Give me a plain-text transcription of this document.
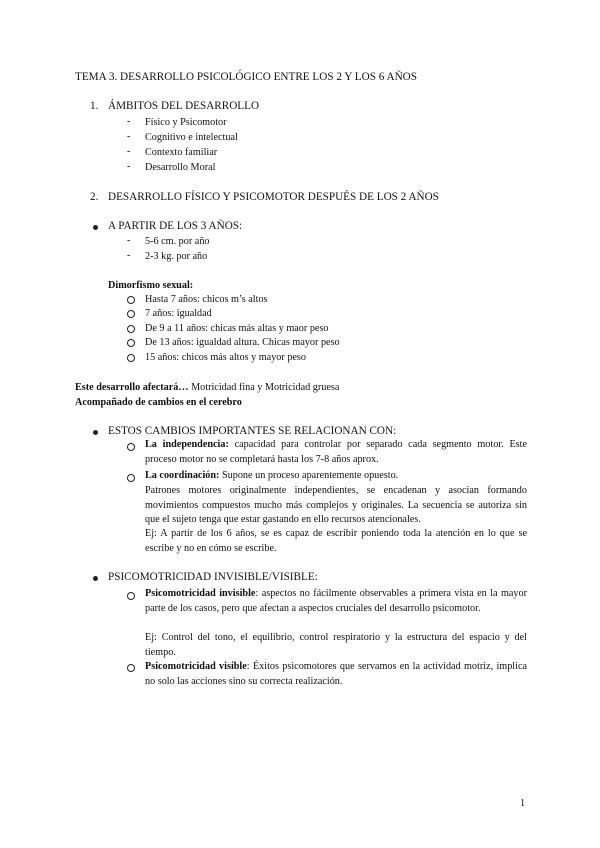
TEMA 3. DESARROLLO PSICOLÓGICO ENTRE LOS 2 Y LOS 6 AÑOS
1. ÁMBITOS DEL DESARROLLO
- Físico y Psicomotor
- Cognitivo e intelectual
- Contexto familiar
- Desarrollo Moral
2. DESARROLLO FÍSICO Y PSICOMOTOR DESPUÉS DE LOS 2 AÑOS
A PARTIR DE LOS 3 AÑOS:
- 5-6 cm. por año
- 2-3 kg. por año
Dimorfismo sexual:
Hasta 7 años: chicos m’s altos
7 años: igualdad
De 9 a 11 años: chicas más altas y maor peso
De 13 años: igualdad altura. Chicas mayor peso
15 años: chicos más altos y mayor peso
Este desarrollo afectará… Motricidad fina y Motricidad gruesa
Acompañado de cambios en el cerebro
ESTOS CAMBIOS IMPORTANTES SE RELACIONAN CON:
La independencia: capacidad para controlar por separado cada segmento motor. Este proceso motor no se completará hasta los 7-8 años aprox.
La coordinación: Supone un proceso aparentemente opuesto.
Patrones motores originalmente independientes, se encadenan y asocian formando movimientos compuestos mucho más complejos y originales. La secuencia se autoriza sin que el sujeto tenga que estar gastando en ello recursos atencionales.
Ej: A partir de los 6 años, se es capaz de escribir poniendo toda la atención en lo que se escribe y no en cómo se escribe.
PSICOMOTRICIDAD INVISIBLE/VISIBLE:
Psicomotricidad invisible: aspectos no fácilmente observables a primera vista en la mayor parte de los casos, pero que afectan a aspectos cruciales del desarrollo psicomotor.
Ej: Control del tono, el equilibrio, control respiratorio y la estructura del espacio y del tiempo.
Psicomotricidad visible: Éxitos psicomotores que servamos en la actividad motriz, implica no solo las acciones sino su correcta realización.
1
